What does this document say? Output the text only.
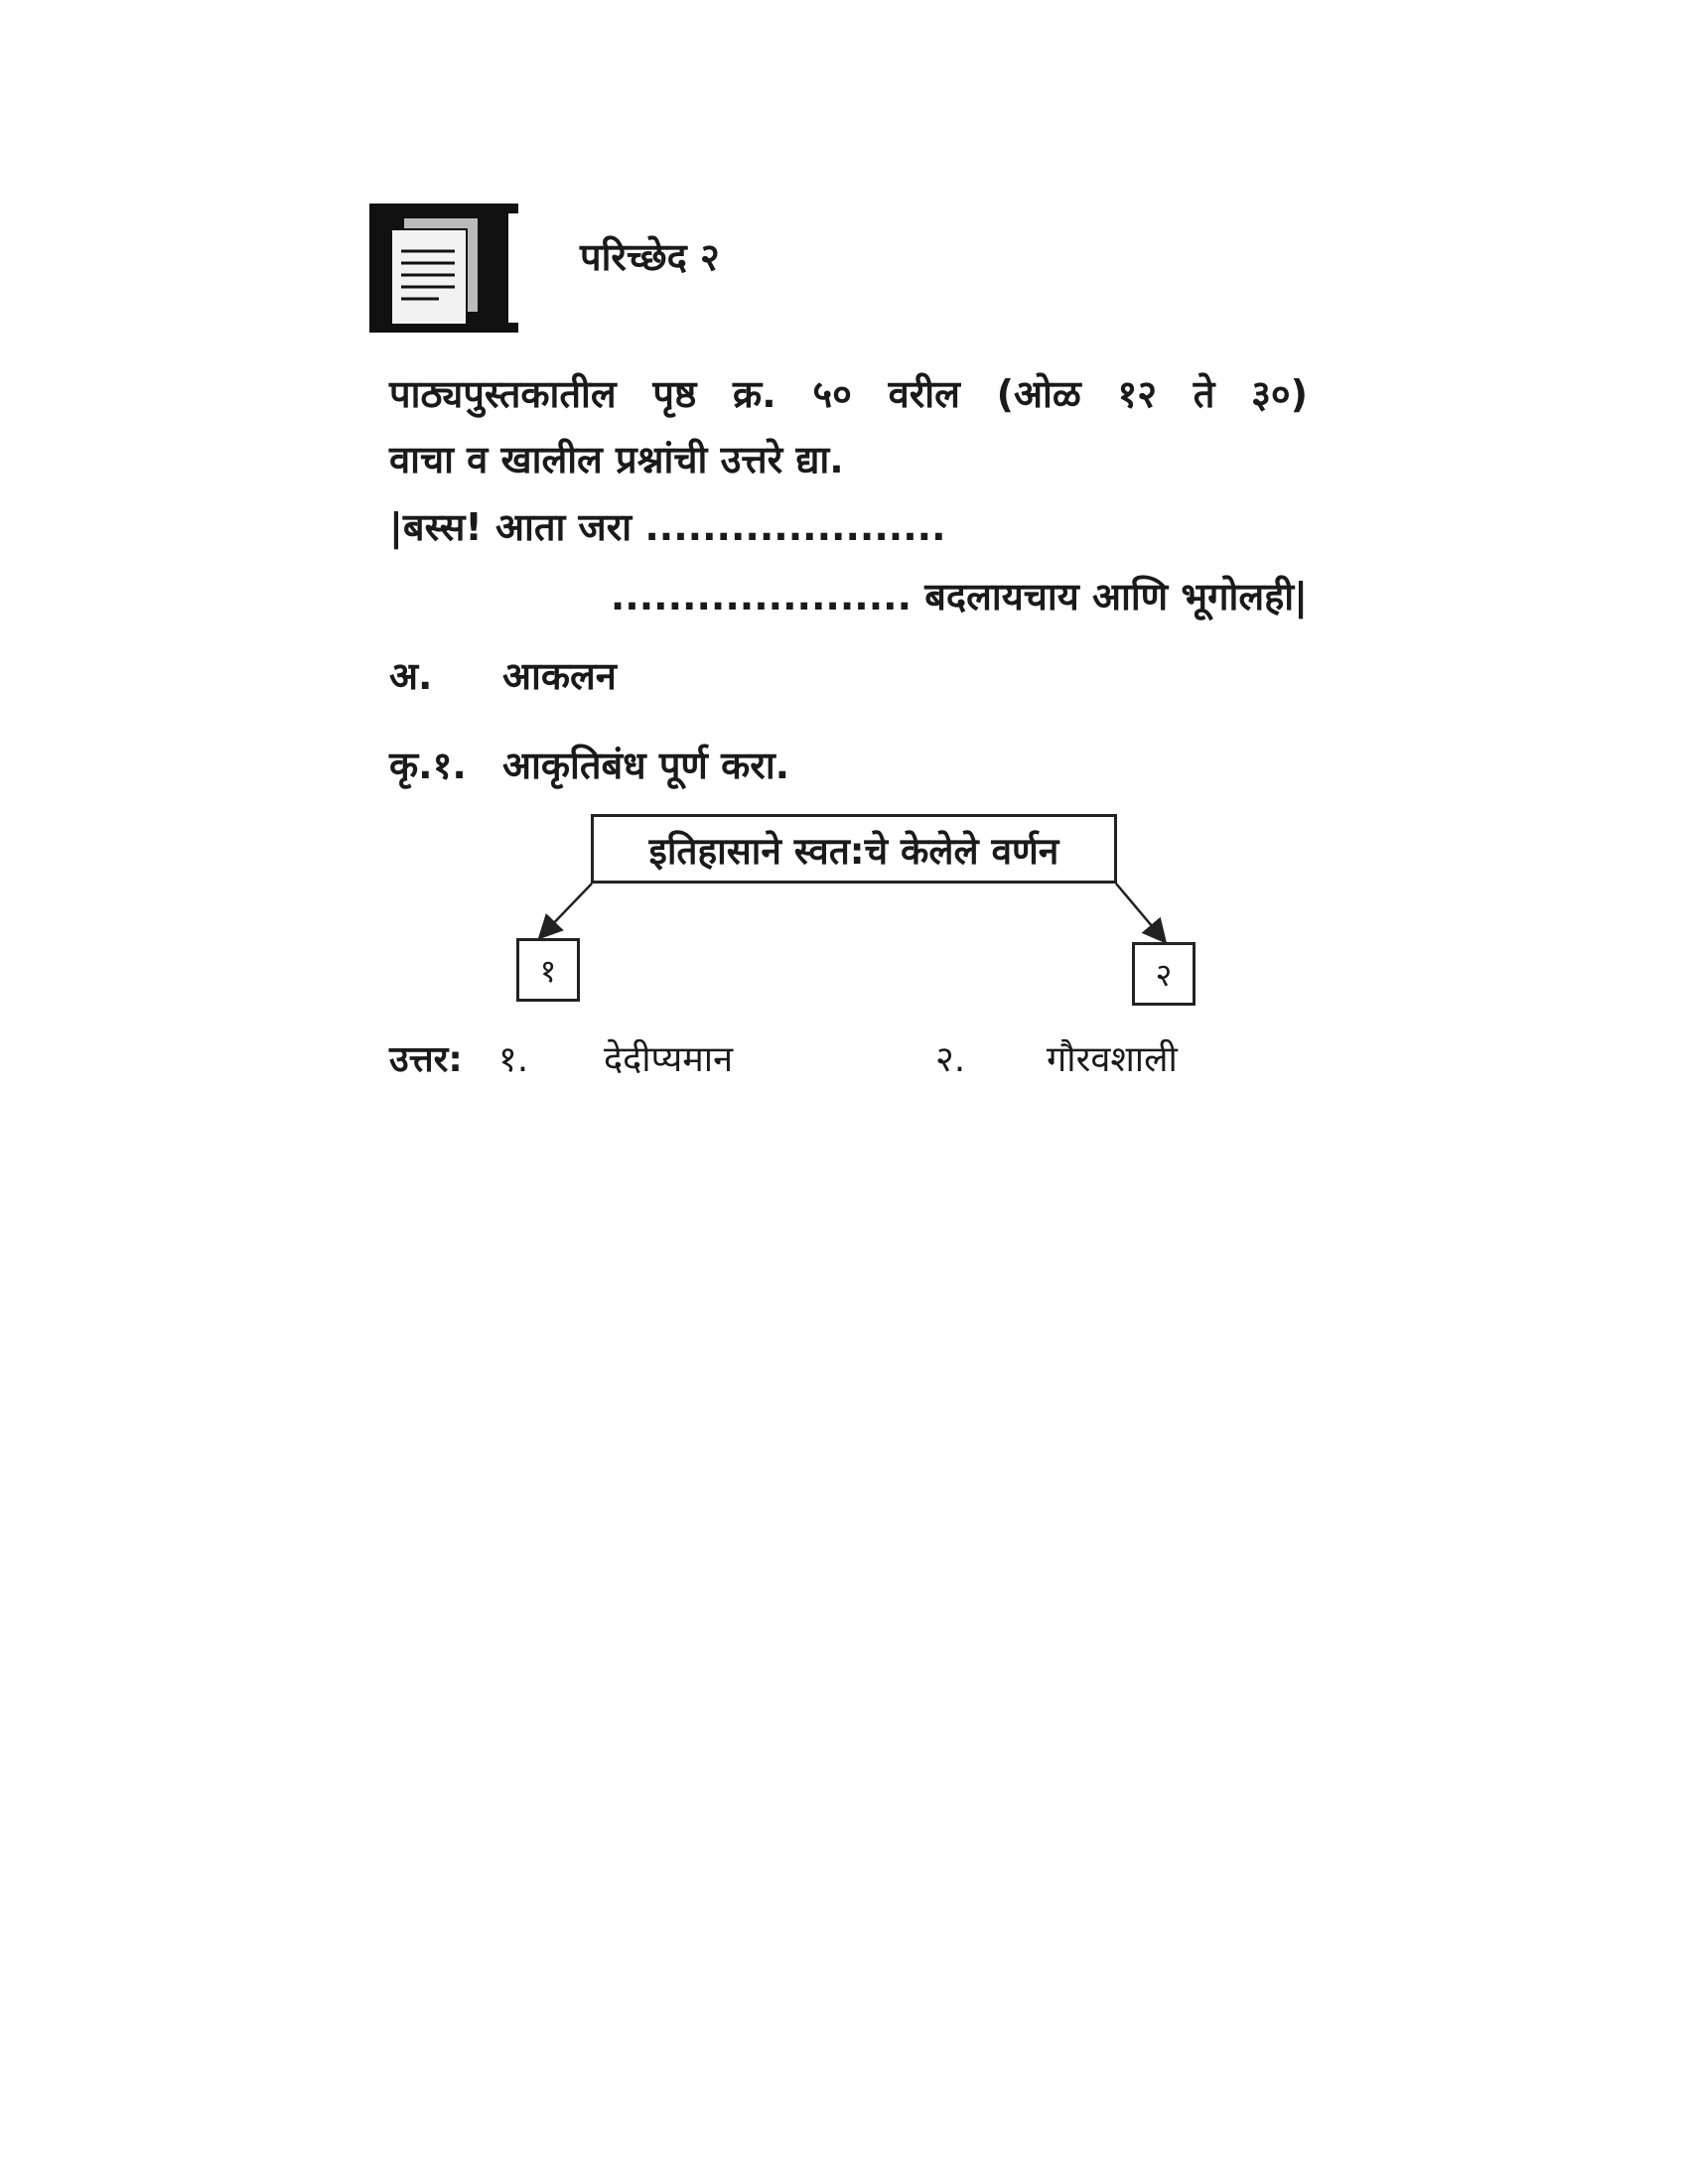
परिच्छेद २
पाठ्यपुस्तकातील पृष्ठ क्र. ५० वरील (ओळ १२ ते ३०)
वाचा व खालील प्रश्नांची उत्तरे द्या.
|बस्स! आता जरा .....................
..................... बदलायचाय आणि भूगोलही|
अ. आकलन
कृ.१. आकृतिबंध पूर्ण करा.
इतिहासाने स्वत:चे केलेले वर्णन
१	२
उत्तर: १. देदीप्यमान	२. गौरवशाली
